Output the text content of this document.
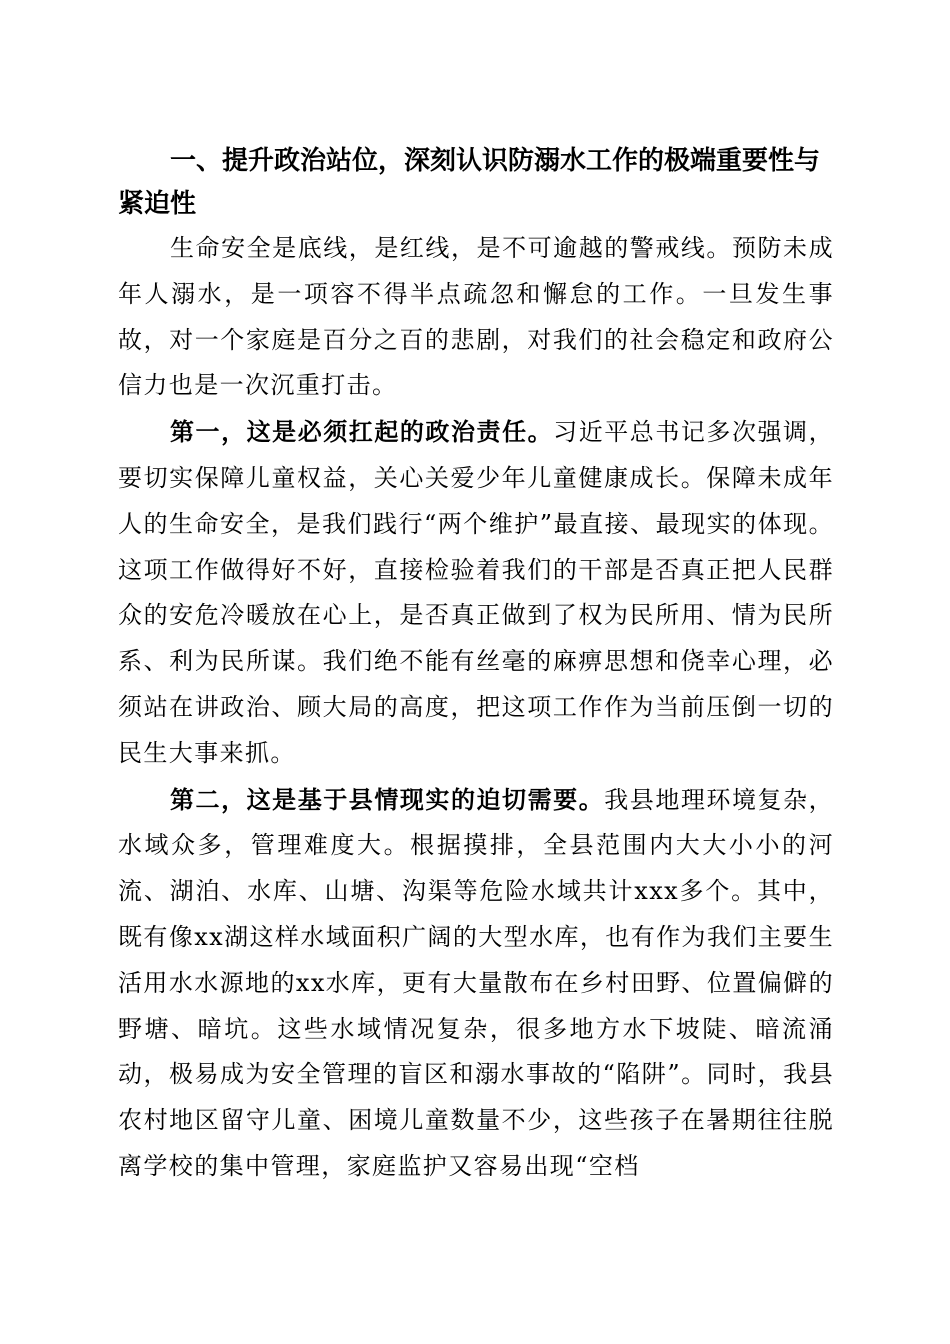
一、提升政治站位，深刻认识防溺水工作的极端重要性与紧迫性

生命安全是底线，是红线，是不可逾越的警戒线。预防未成年人溺水，是一项容不得半点疏忽和懈怠的工作。一旦发生事故，对一个家庭是百分之百的悲剧，对我们的社会稳定和政府公信力也是一次沉重打击。

第一，这是必须扛起的政治责任。习近平总书记多次强调，要切实保障儿童权益，关心关爱少年儿童健康成长。保障未成年人的生命安全，是我们践行“两个维护”最直接、最现实的体现。这项工作做得好不好，直接检验着我们的干部是否真正把人民群众的安危冷暖放在心上，是否真正做到了权为民所用、情为民所系、利为民所谋。我们绝不能有丝毫的麻痹思想和侥幸心理，必须站在讲政治、顾大局的高度，把这项工作作为当前压倒一切的民生大事来抓。

第二，这是基于县情现实的迫切需要。我县地理环境复杂，水域众多，管理难度大。根据摸排，全县范围内大大小小的河流、湖泊、水库、山塘、沟渠等危险水域共计xxx多个。其中，既有像xx湖这样水域面积广阔的大型水库，也有作为我们主要生活用水水源地的xx水库，更有大量散布在乡村田野、位置偏僻的野塘、暗坑。这些水域情况复杂，很多地方水下坡陡、暗流涌动，极易成为安全管理的盲区和溺水事故的“陷阱”。同时，我县农村地区留守儿童、困境儿童数量不少，这些孩子在暑期往往脱离学校的集中管理，家庭监护又容易出现“空档
